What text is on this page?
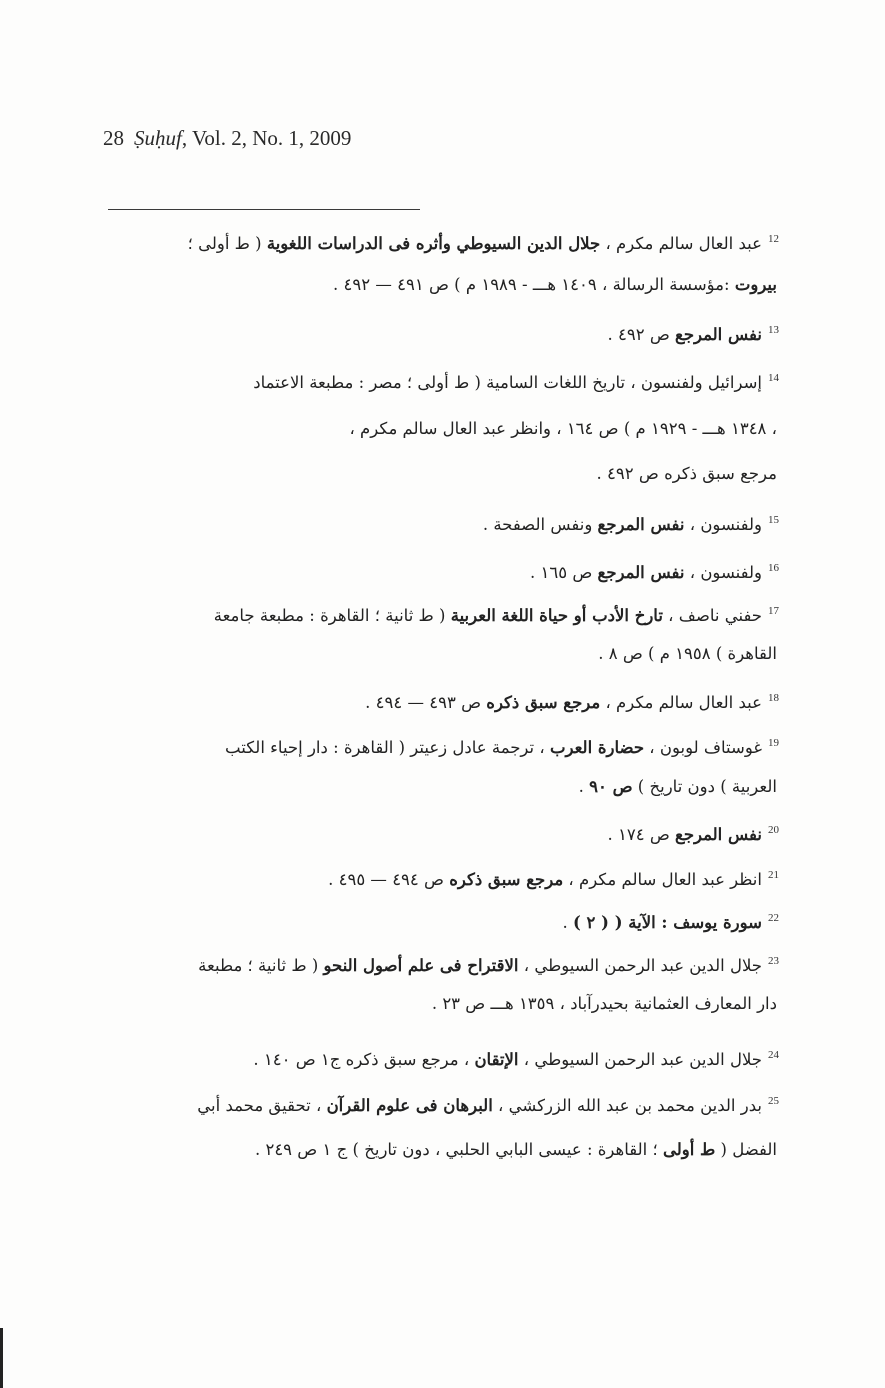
28 Ṣuḥuf, Vol. 2, No. 1, 2009
$^{12}$عبد العال سالم مكرم ، جلال الدين السيوطي وأثره فى الدراسات اللغوية ( ط أولى ؛
بيروت :مؤسسة الرسالة ، ١٤٠٩ هـــ - ١٩٨٩ م ) ص ٤٩١ — ٤٩٢ .
$^{13}$نفس المرجع ص ٤٩٢ .
$^{14}$إسرائيل ولفنسون ، تاريخ اللغات السامية ( ط أولى ؛ مصر : مطبعة الاعتماد
، ١٣٤٨ هـــ - ١٩٢٩ م ) ص ١٦٤ ، وانظر عبد العال سالم مكرم ،
مرجع سبق ذكره ص ٤٩٢ .
$^{15}$ولفنسون ، نفس المرجع ونفس الصفحة .
$^{16}$ولفنسون ، نفس المرجع ص ١٦٥ .
$^{17}$حفني ناصف ، تارخ الأدب أو حياة اللغة العربية ( ط ثانية ؛ القاهرة : مطبعة جامعة
القاهرة ) ١٩٥٨ م ) ص ٨ .
$^{18}$عبد العال سالم مكرم ، مرجع سبق ذكره ص ٤٩٣ — ٤٩٤ .
$^{19}$غوستاف لوبون ، حضارة العرب ، ترجمة عادل زعيتر ( القاهرة : دار إحياء الكتب
العربية ) دون تاريخ ) ص ٩٠ .
$^{20}$نفس المرجع ص ١٧٤ .
$^{21}$انظر عبد العال سالم مكرم ، مرجع سبق ذكره ص ٤٩٤ — ٤٩٥ .
$^{22}$سورة يوسف : الآية ( ( ٢ ) .
$^{23}$جلال الدين عبد الرحمن السيوطي ، الاقتراح فى علم أصول النحو ( ط ثانية ؛ مطبعة
دار المعارف العثمانية بحيدرآباد ، ١٣٥٩ هـــ ص ٢٣ .
$^{24}$جلال الدين عبد الرحمن السيوطي ، الإتقان ، مرجع سبق ذكره ج١ ص ١٤٠ .
$^{25}$بدر الدين محمد بن عبد الله الزركشي ، البرهان فى علوم القرآن ، تحقيق محمد أبي
الفضل ( ط أولى ؛ القاهرة : عيسى البابي الحلبي ، دون تاريخ ) ج ١ ص ٢٤٩ .
